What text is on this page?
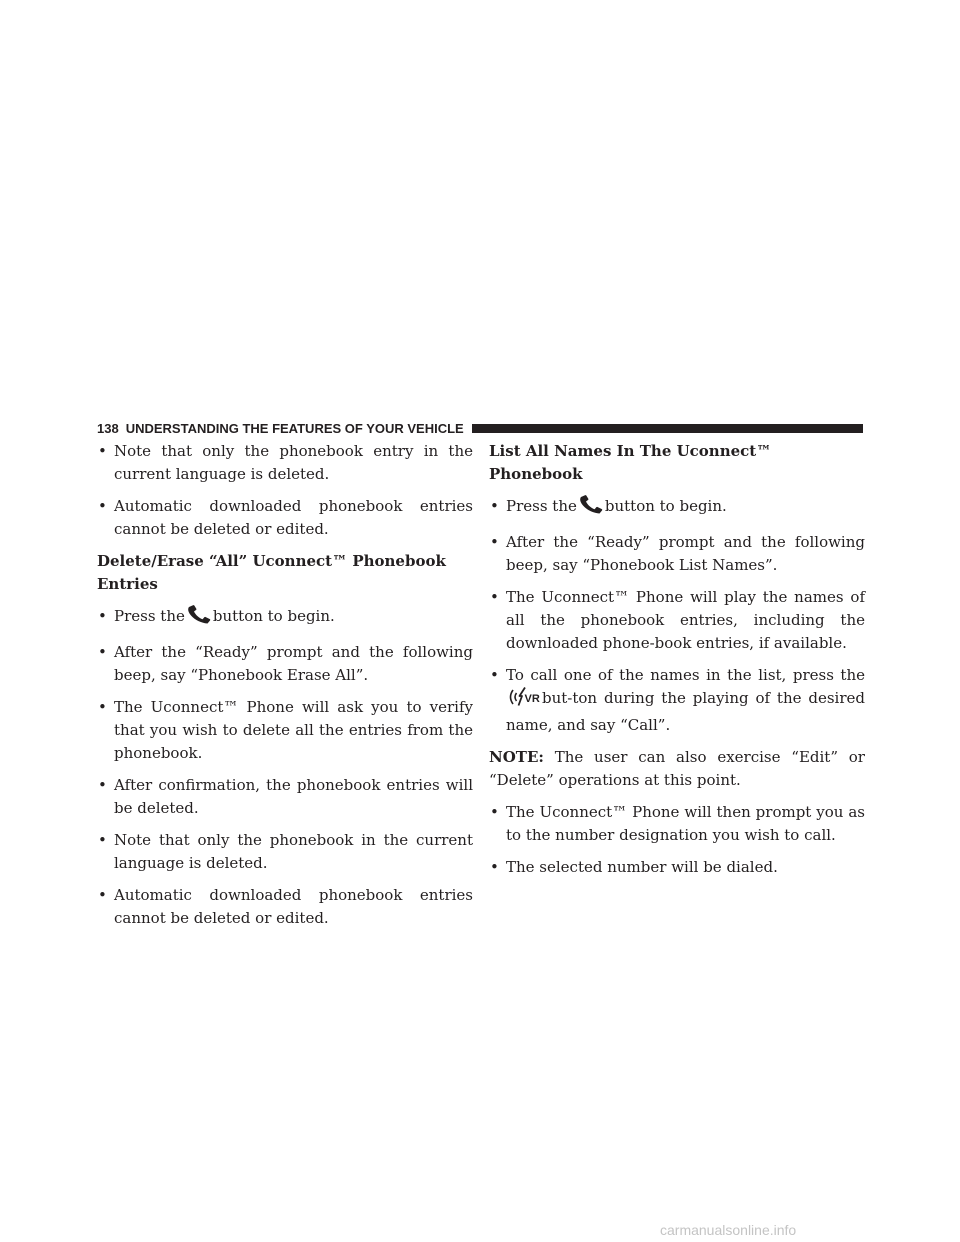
138 UNDERSTANDING THE FEATURES OF YOUR VEHICLE
• Note that only the phonebook entry in the current language is deleted.
• Automatic downloaded phonebook entries cannot be deleted or edited.
Delete/Erase “All” Uconnect™ Phonebook Entries
• Press the button to begin.
• After the “Ready” prompt and the following beep, say “Phonebook Erase All”.
• The Uconnect™ Phone will ask you to verify that you wish to delete all the entries from the phonebook.
• After confirmation, the phonebook entries will be deleted.
• Note that only the phonebook in the current language is deleted.
• Automatic downloaded phonebook entries cannot be deleted or edited.
List All Names In The Uconnect™ Phonebook
• Press the button to begin.
• After the “Ready” prompt and the following beep, say “Phonebook List Names”.
• The Uconnect™ Phone will play the names of all the phonebook entries, including the downloaded phone-book entries, if available.
• To call one of the names in the list, press the
VR but-ton during the playing of the desired name, and say “Call”.
NOTE: The user can also exercise “Edit” or “Delete” operations at this point.
• The Uconnect™ Phone will then prompt you as to the number designation you wish to call.
• The selected number will be dialed.
carmanualsonline.info
